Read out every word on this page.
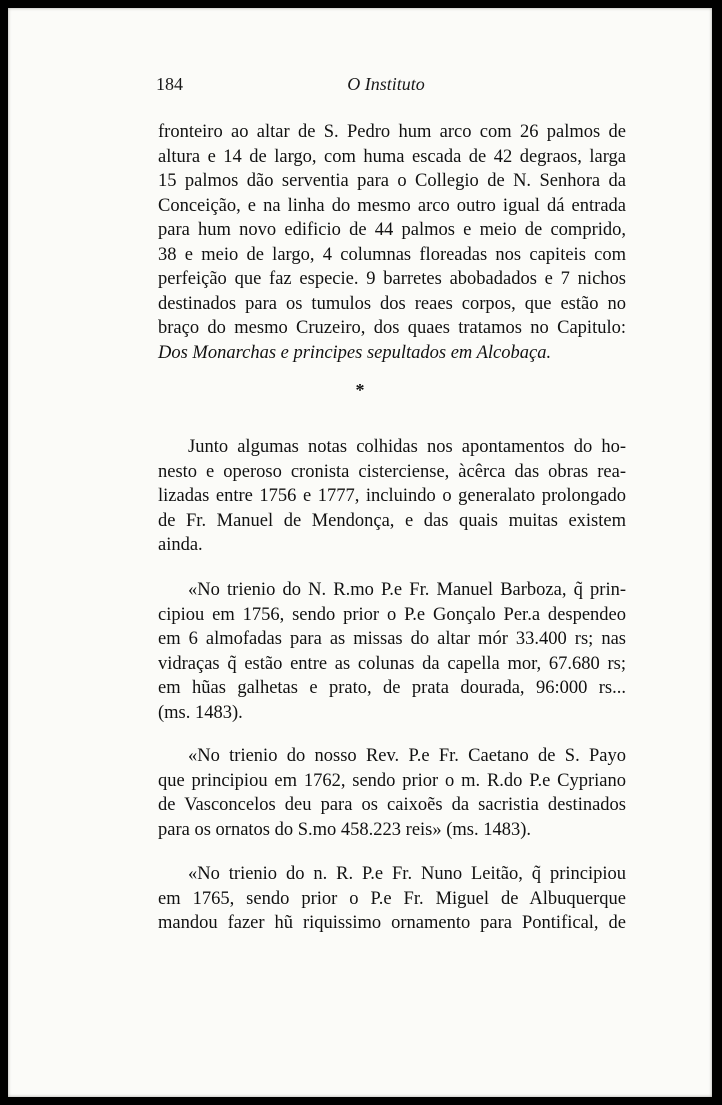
184	O Instituto
fronteiro ao altar de S. Pedro hum arco com 26 palmos de
altura e 14 de largo, com huma escada de 42 degraos, larga
15 palmos dão serventia para o Collegio de N. Senhora da
Conceição, e na linha do mesmo arco outro igual dá entrada
para hum novo edificio de 44 palmos e meio de comprido,
38 e meio de largo, 4 columnas floreadas nos capiteis com
perfeição que faz especie. 9 barretes abobadados e 7 nichos
destinados para os tumulos dos reaes corpos, que estão no
braço do mesmo Cruzeiro, dos quaes tratamos no Capitulo:
Dos Monarchas e principes sepultados em Alcobaça.
*
Junto algumas notas colhidas nos apontamentos do ho-
nesto e operoso cronista cisterciense, àcêrca das obras rea-
lizadas entre 1756 e 1777, incluindo o generalato prolongado
de Fr. Manuel de Mendonça, e das quais muitas existem
ainda.
«No trienio do N. R.mo P.e Fr. Manuel Barboza, q̃ prin-
cipiou em 1756, sendo prior o P.e Gonçalo Per.a despendeo
em 6 almofadas para as missas do altar mór 33.400 rs; nas
vidraças q̃ estão entre as colunas da capella mor, 67.680 rs;
em hũas galhetas e prato, de prata dourada, 96:000 rs...
(ms. 1483).
«No trienio do nosso Rev. P.e Fr. Caetano de S. Payo
que principiou em 1762, sendo prior o m. R.do P.e Cypriano
de Vasconcelos deu para os caixoẽs da sacristia destinados
para os ornatos do S.mo 458.223 reis» (ms. 1483).
«No trienio do n. R. P.e Fr. Nuno Leitão, q̃ principiou
em 1765, sendo prior o P.e Fr. Miguel de Albuquerque
mandou fazer hũ riquissimo ornamento para Pontifical, de
